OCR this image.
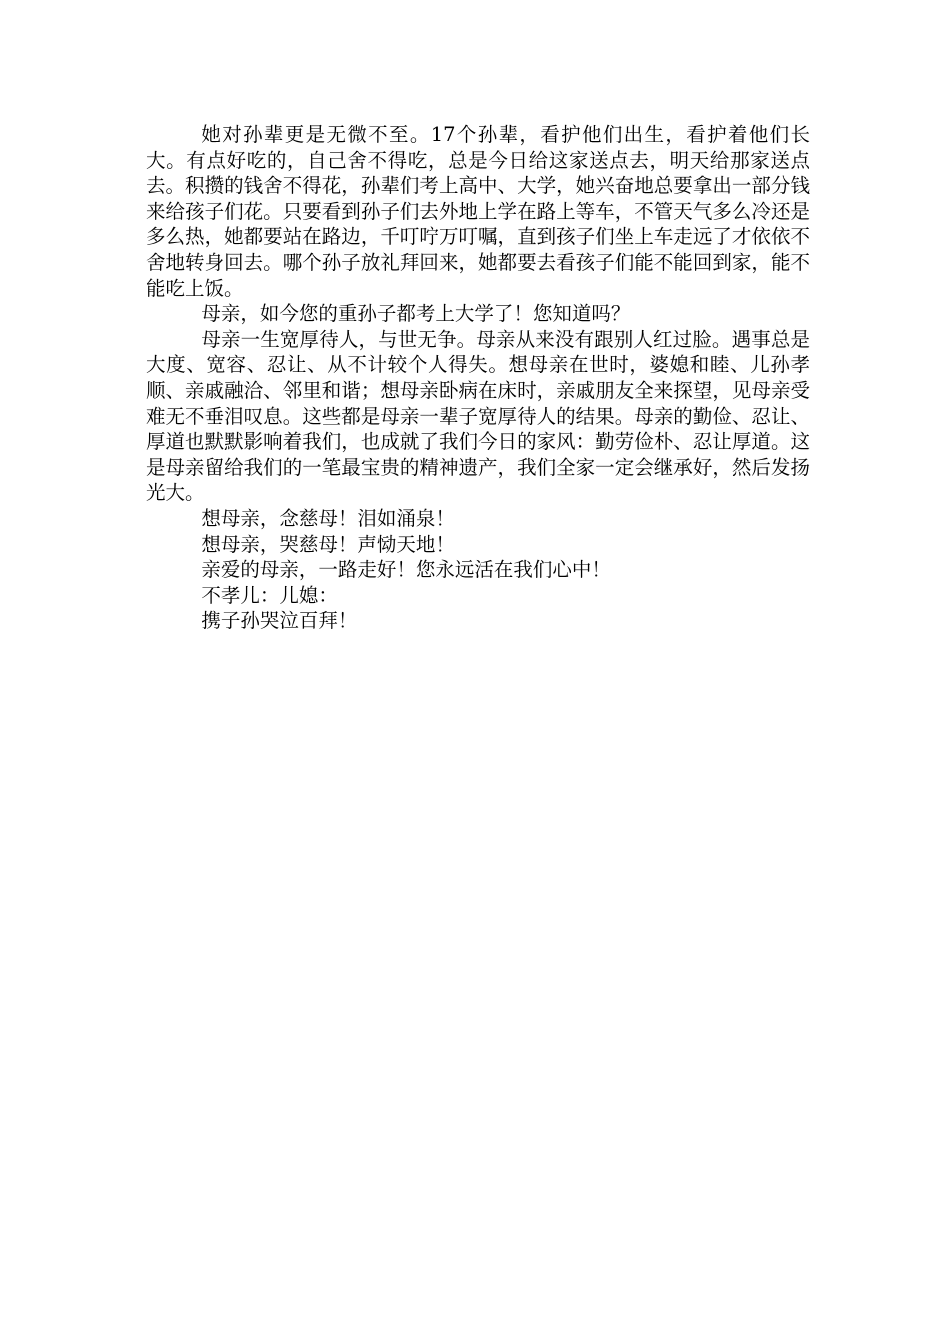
她对孙辈更是无微不至。17个孙辈，看护他们出生，看护着他们长大。有点好吃的，自己舍不得吃，总是今日给这家送点去，明天给那家送点去。积攒的钱舍不得花，孙辈们考上高中、大学，她兴奋地总要拿出一部分钱来给孩子们花。只要看到孙子们去外地上学在路上等车，不管天气多么冷还是多么热，她都要站在路边，千叮咛万叮嘱，直到孩子们坐上车走远了才依依不舍地转身回去。哪个孙子放礼拜回来，她都要去看孩子们能不能回到家，能不能吃上饭。

母亲，如今您的重孙子都考上大学了！您知道吗？

母亲一生宽厚待人，与世无争。母亲从来没有跟别人红过脸。遇事总是大度、宽容、忍让、从不计较个人得失。想母亲在世时，婆媳和睦、儿孙孝顺、亲戚融洽、邻里和谐；想母亲卧病在床时，亲戚朋友全来探望，见母亲受难无不垂泪叹息。这些都是母亲一辈子宽厚待人的结果。母亲的勤俭、忍让、厚道也默默影响着我们，也成就了我们今日的家风：勤劳俭朴、忍让厚道。这是母亲留给我们的一笔最宝贵的精神遗产，我们全家一定会继承好，然后发扬光大。

想母亲，念慈母！泪如涌泉！

想母亲，哭慈母！声恸天地！

亲爱的母亲，一路走好！您永远活在我们心中！

不孝儿：儿媳：

携子孙哭泣百拜！
